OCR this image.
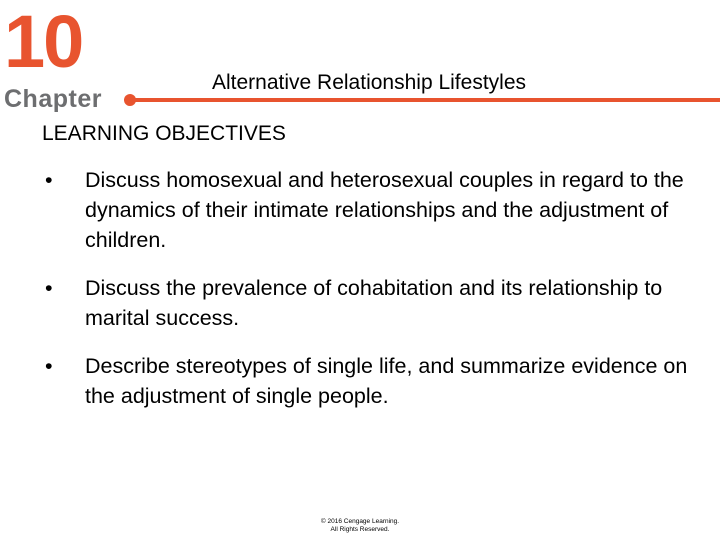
10
Chapter
Alternative Relationship Lifestyles
LEARNING OBJECTIVES
• Discuss homosexual and heterosexual couples in regard to the dynamics of their intimate relationships and the adjustment of children.
• Discuss the prevalence of cohabitation and its relationship to marital success.
• Describe stereotypes of single life, and summarize evidence on the adjustment of single people.
© 2016 Cengage Learning.
All Rights Reserved.
